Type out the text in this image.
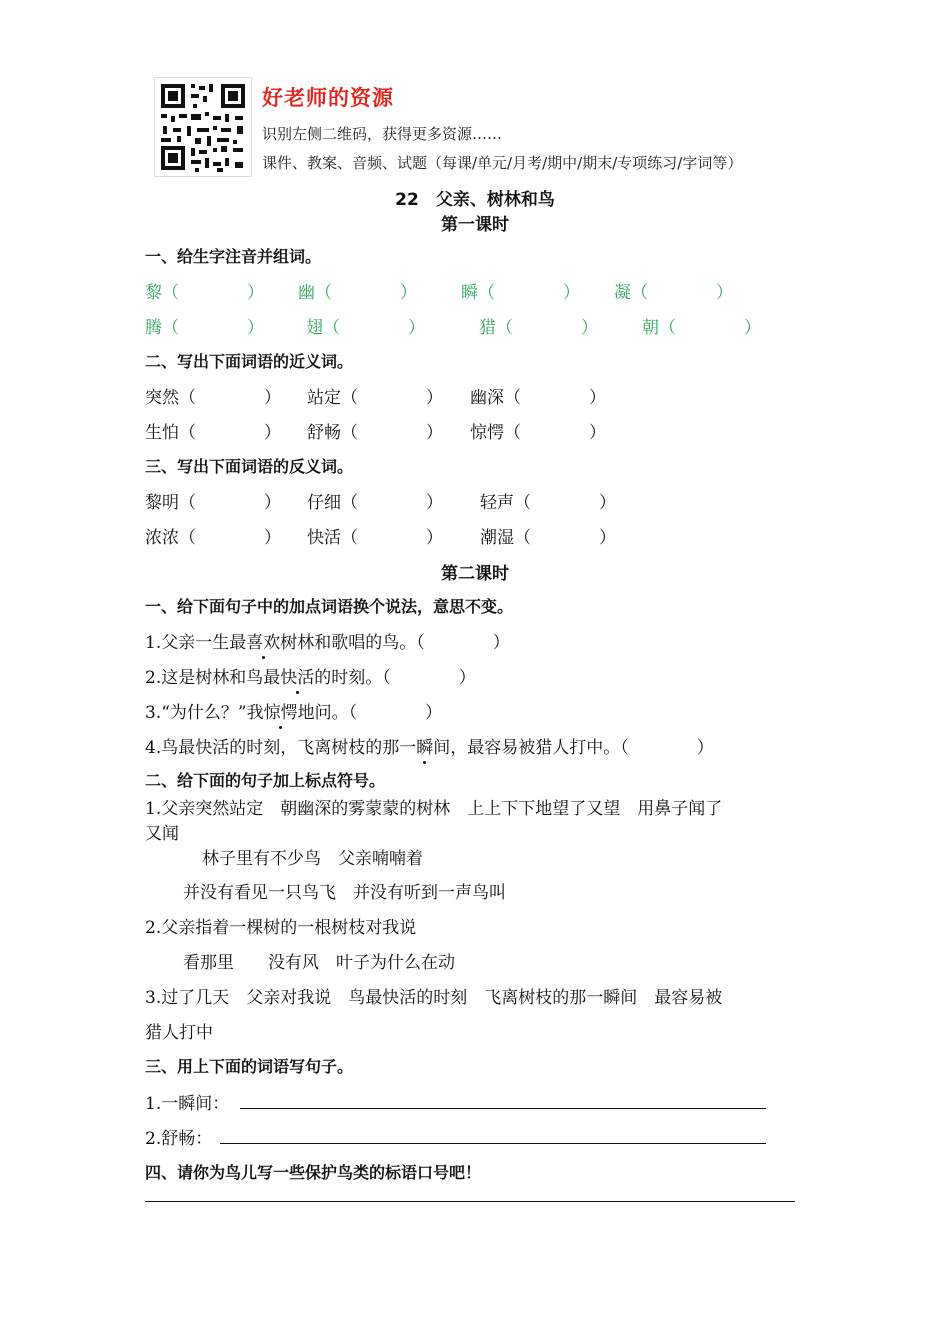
好老师的资源
识别左侧二维码，获得更多资源……
课件、教案、音频、试题（每课/单元/月考/期中/期末/专项练习/字词等）
22　父亲、树林和鸟
第一课时
一、给生字注音并组词。
黎（　　　　） 幽（　　　　）	瞬（　　　　） 凝（　　　　）
腾（　　　　） 翅（　　　　）	猎（　　　　）	朝（　　　　）
二、写出下面词语的近义词。
突然（　　　　） 站定（　　　　） 幽深（　　　　）
生怕（　　　　） 舒畅（　　　　） 惊愕（　　　　）
三、写出下面词语的反义词。
黎明（　　　　） 仔细（　　　　） 轻声（　　　　）
浓浓（　　　　） 快活（　　　　） 潮湿（　　　　）
第二课时
一、给下面句子中的加点词语换个说法，意思不变。
1.父亲一生最喜欢树林和歌唱的鸟。（　　　　）
2.这是树林和鸟最快活的时刻。（　　　　）
3.“为什么？”我惊愕地问。（　　　　）
4.鸟最快活的时刻，飞离树枝的那一瞬间，最容易被猎人打中。（　　　　）
二、给下面的句子加上标点符号。
1.父亲突然站定　朝幽深的雾蒙蒙的树林　上上下下地望了又望　用鼻子闻了
又闻
林子里有不少鸟　父亲喃喃着
并没有看见一只鸟飞　并没有听到一声鸟叫
2.父亲指着一棵树的一根树枝对我说
看那里　　没有风　叶子为什么在动
3.过了几天　父亲对我说　鸟最快活的时刻　飞离树枝的那一瞬间　最容易被
猎人打中
三、用上下面的词语写句子。
1.一瞬间：
2.舒畅：
四、请你为鸟儿写一些保护鸟类的标语口号吧！
